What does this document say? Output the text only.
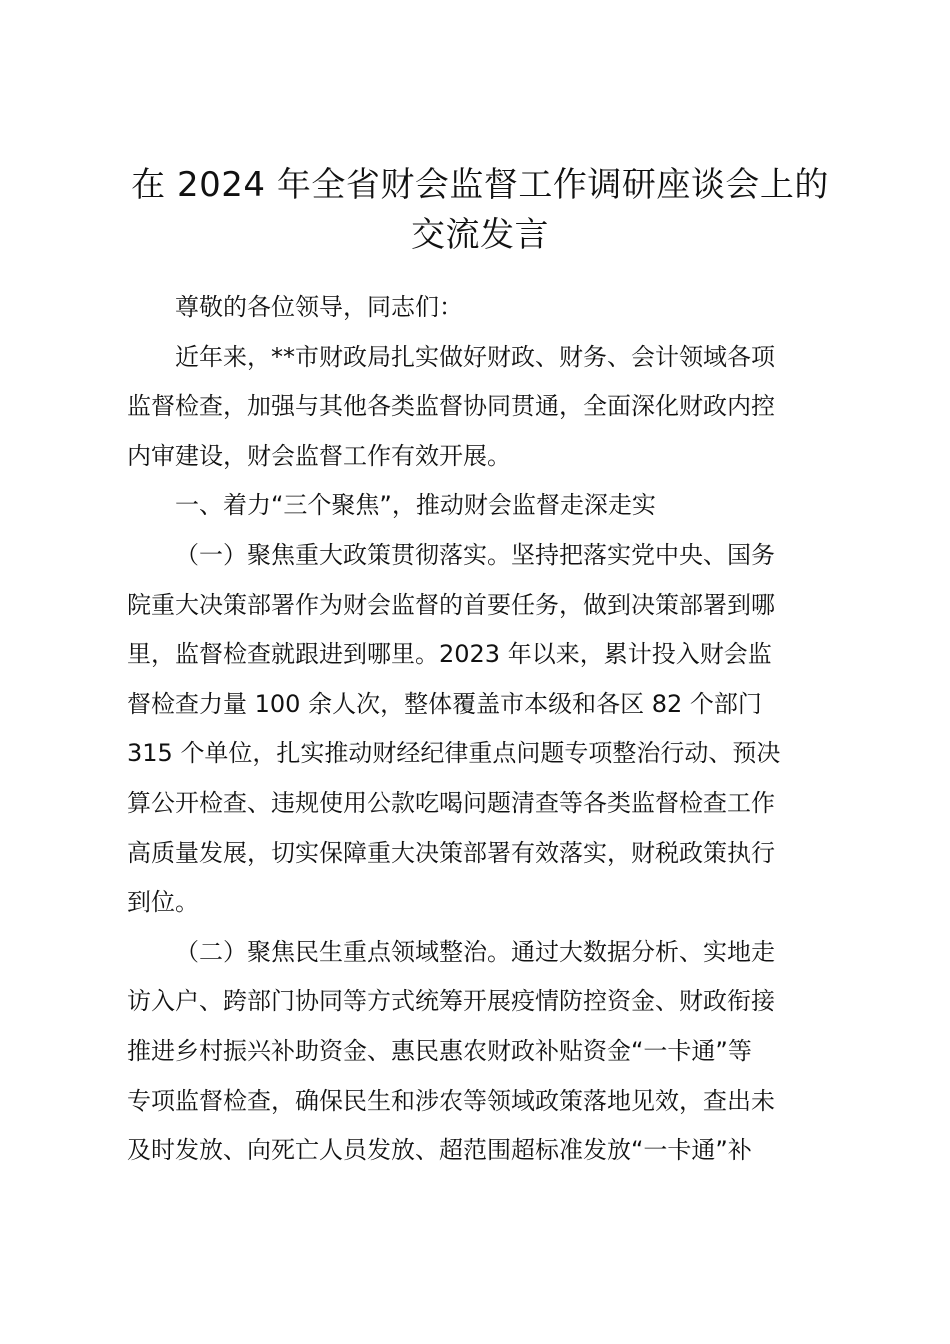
在 2024 年全省财会监督工作调研座谈会上的
交流发言

尊敬的各位领导，同志们：

近年来，**市财政局扎实做好财政、财务、会计领域各项
监督检查，加强与其他各类监督协同贯通，全面深化财政内控
内审建设，财会监督工作有效开展。

一、着力“三个聚焦”，推动财会监督走深走实

（一）聚焦重大政策贯彻落实。坚持把落实党中央、国务
院重大决策部署作为财会监督的首要任务，做到决策部署到哪
里，监督检查就跟进到哪里。2023 年以来，累计投入财会监
督检查力量 100 余人次，整体覆盖市本级和各区 82 个部门
315 个单位，扎实推动财经纪律重点问题专项整治行动、预决
算公开检查、违规使用公款吃喝问题清查等各类监督检查工作
高质量发展，切实保障重大决策部署有效落实，财税政策执行
到位。
（二）聚焦民生重点领域整治。通过大数据分析、实地走
访入户、跨部门协同等方式统筹开展疫情防控资金、财政衔接
推进乡村振兴补助资金、惠民惠农财政补贴资金“一卡通”等
专项监督检查，确保民生和涉农等领域政策落地见效，查出未
及时发放、向死亡人员发放、超范围超标准发放“一卡通”补
